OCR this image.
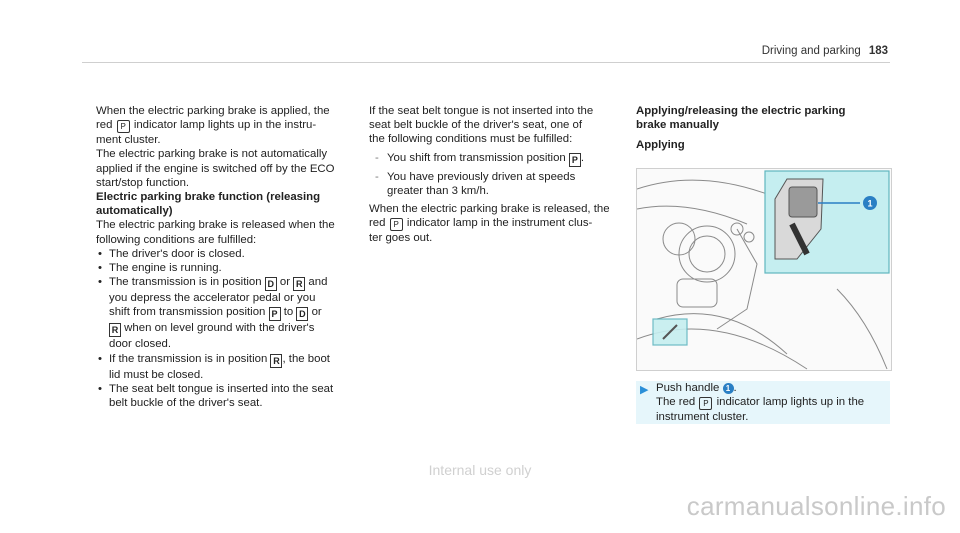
Driving and parking 183

When the electric parking brake is applied, the
red P indicator lamp lights up in the instru-
ment cluster.

The electric parking brake is not automatically
applied if the engine is switched off by the ECO
start/stop function.

Electric parking brake function (releasing
automatically)

The electric parking brake is released when the
following conditions are fulfilled:

• The driver's door is closed.
• The engine is running.
• The transmission is in position D or R and
you depress the accelerator pedal or you
shift from transmission position P to D or
R when on level ground with the driver's
door closed.
• If the transmission is in position R , the boot
lid must be closed.
• The seat belt tongue is inserted into the seat
belt buckle of the driver's seat.

If the seat belt tongue is not inserted into the
seat belt buckle of the driver's seat, one of
the following conditions must be fulfilled:

- You shift from transmission position P .
- You have previously driven at speeds
greater than 3 km/h.

When the electric parking brake is released, the
red P indicator lamp in the instrument clus-
ter goes out.

Applying/releasing the electric parking
brake manually

Applying

1
▶ Push handle 1 .
The red P indicator lamp lights up in the
instrument cluster.
Internal use only
carmanualsonline.info
